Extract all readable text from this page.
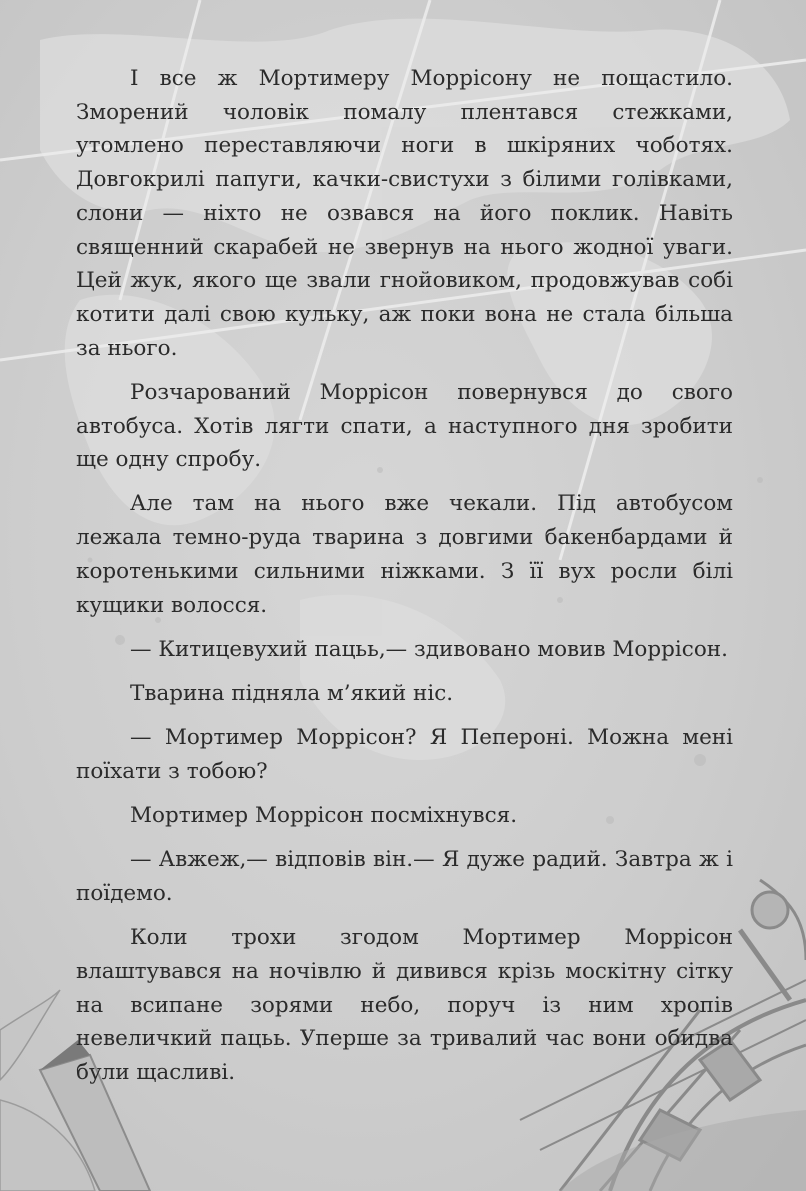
І все ж Мортимеру Моррісону не пощастило. Зморений чоловік помалу плентався стежками, утомлено переставляючи ноги в шкіряних чоботях. Довгокрилі папуги, качки-свистухи з білими голівками, слони — ніхто не озвався на його поклик. Навіть священний скарабей не звернув на нього жодної уваги. Цей жук, якого ще звали гнойовиком, продовжував собі котити далі свою кульку, аж поки вона не стала більша за нього.

Розчарований Моррісон повернувся до свого автобуса. Хотів лягти спати, а наступного дня зробити ще одну спробу.

Але там на нього вже чекали. Під автобусом лежала темно-руда тварина з довгими бакенбардами й коротенькими сильними ніжками. З її вух росли білі кущики волосся.

— Китицевухий пацьь,— здивовано мовив Моррісон.

Тварина підняла м’який ніс.

— Мортимер Моррісон? Я Пепероні. Можна мені поїхати з тобою?

Мортимер Моррісон посміхнувся.

— Авжеж,— відповів він.— Я дуже радий. Завтра ж і поїдемо.

Коли трохи згодом Мортимер Моррісон влаштувався на ночівлю й дивився крізь москітну сітку на всипане зорями небо, поруч із ним хропів невеличкий пацьь. Уперше за тривалий час вони обидва були щасливі.
